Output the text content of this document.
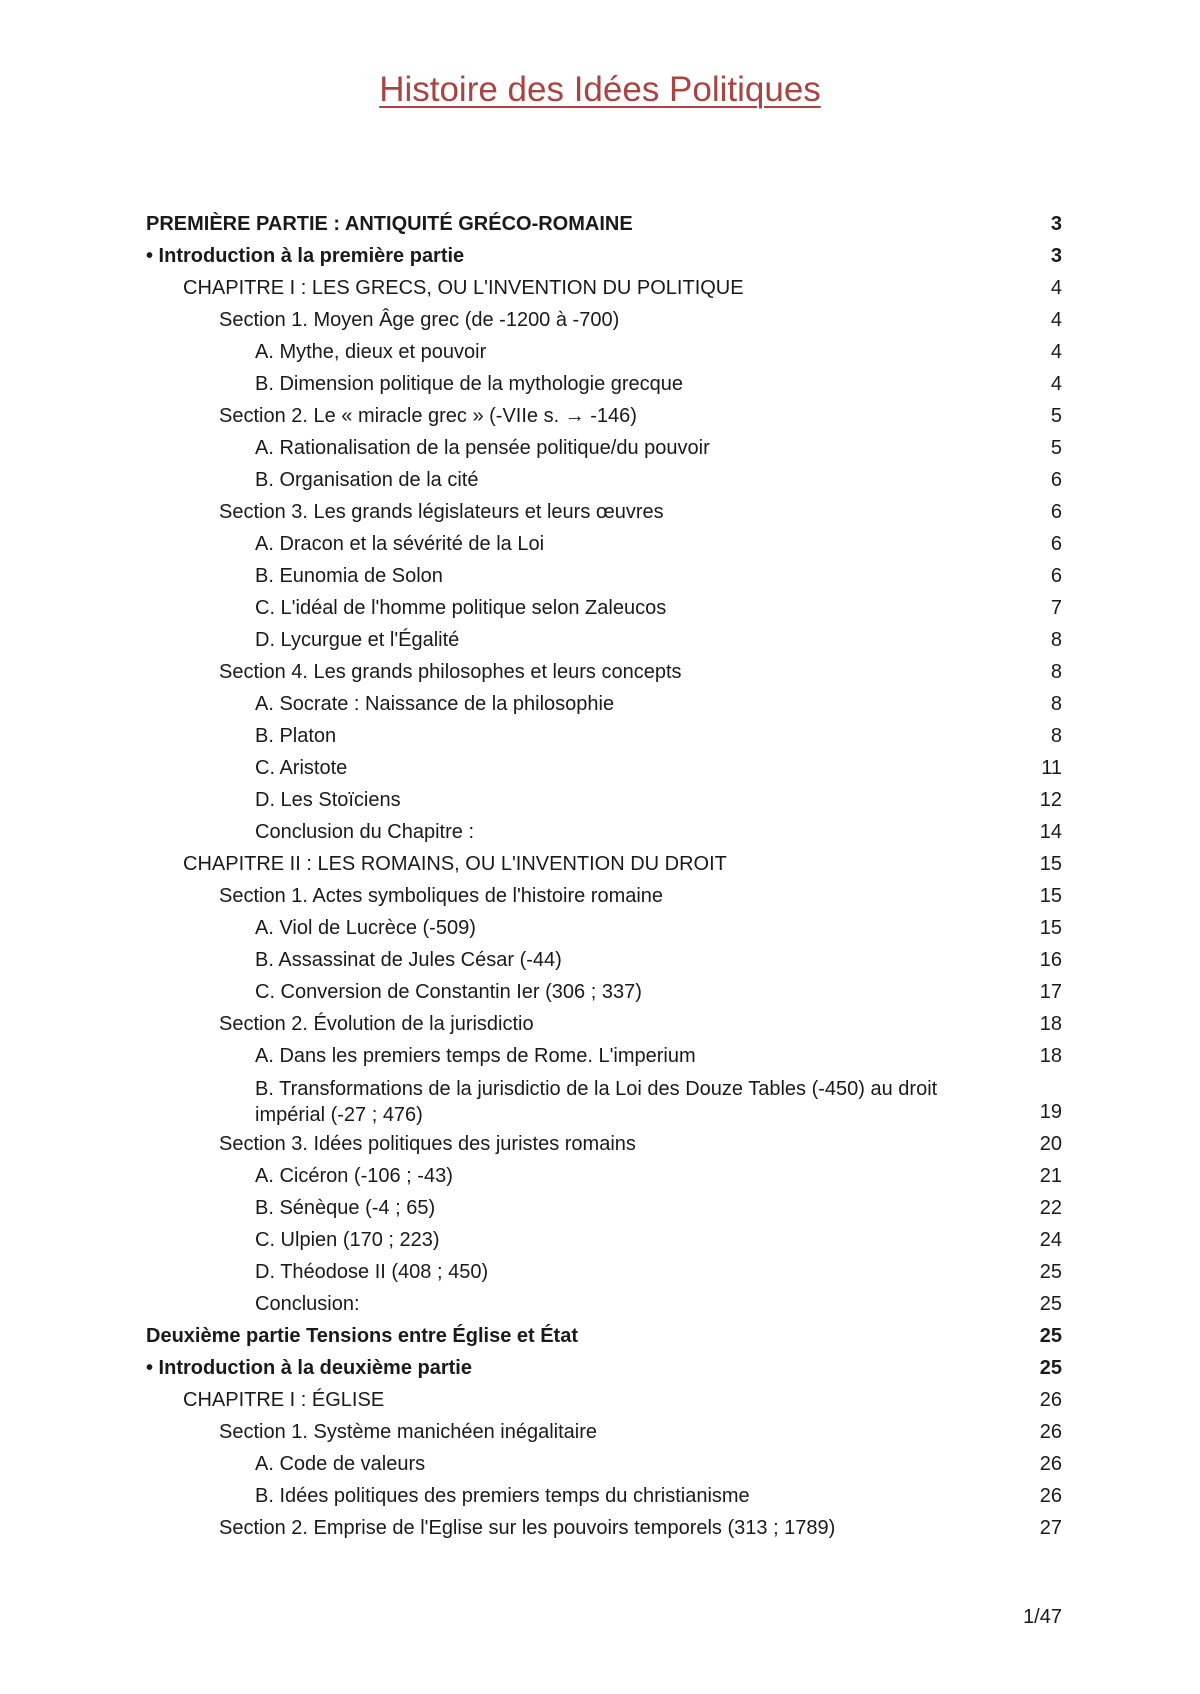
Histoire des Idées Politiques
PREMIÈRE PARTIE : ANTIQUITÉ GRÉCO-ROMAINE	3
• Introduction à la première partie	3
CHAPITRE I : LES GRECS, OU L'INVENTION DU POLITIQUE	4
Section 1. Moyen Âge grec (de -1200 à -700)	4
A. Mythe, dieux et pouvoir	4
B. Dimension politique de la mythologie grecque	4
Section 2. Le « miracle grec » (-VIIe s. → -146)	5
A. Rationalisation de la pensée politique/du pouvoir	5
B. Organisation de la cité	6
Section 3. Les grands législateurs et leurs œuvres	6
A. Dracon et la sévérité de la Loi	6
B. Eunomia de Solon	6
C. L'idéal de l'homme politique selon Zaleucos	7
D. Lycurgue et l'Égalité	8
Section 4. Les grands philosophes et leurs concepts	8
A. Socrate : Naissance de la philosophie	8
B. Platon	8
C. Aristote	11
D. Les Stoïciens	12
Conclusion du Chapitre :	14
CHAPITRE II : LES ROMAINS, OU L'INVENTION DU DROIT	15
Section 1. Actes symboliques de l'histoire romaine	15
A. Viol de Lucrèce (-509)	15
B. Assassinat de Jules César (-44)	16
C. Conversion de Constantin Ier (306 ; 337)	17
Section 2. Évolution de la jurisdictio	18
A. Dans les premiers temps de Rome. L'imperium	18
B. Transformations de la jurisdictio de la Loi des Douze Tables (-450) au droit impérial (-27 ; 476)	19
Section 3. Idées politiques des juristes romains	20
A. Cicéron (-106 ; -43)	21
B. Sénèque (-4 ; 65)	22
C. Ulpien (170 ; 223)	24
D. Théodose II (408 ; 450)	25
Conclusion:	25
Deuxième partie Tensions entre Église et État	25
• Introduction à la deuxième partie	25
CHAPITRE I : ÉGLISE	26
Section 1. Système manichéen inégalitaire	26
A. Code de valeurs	26
B. Idées politiques des premiers temps du christianisme	26
Section 2. Emprise de l'Eglise sur les pouvoirs temporels (313 ; 1789)	27
1/47
